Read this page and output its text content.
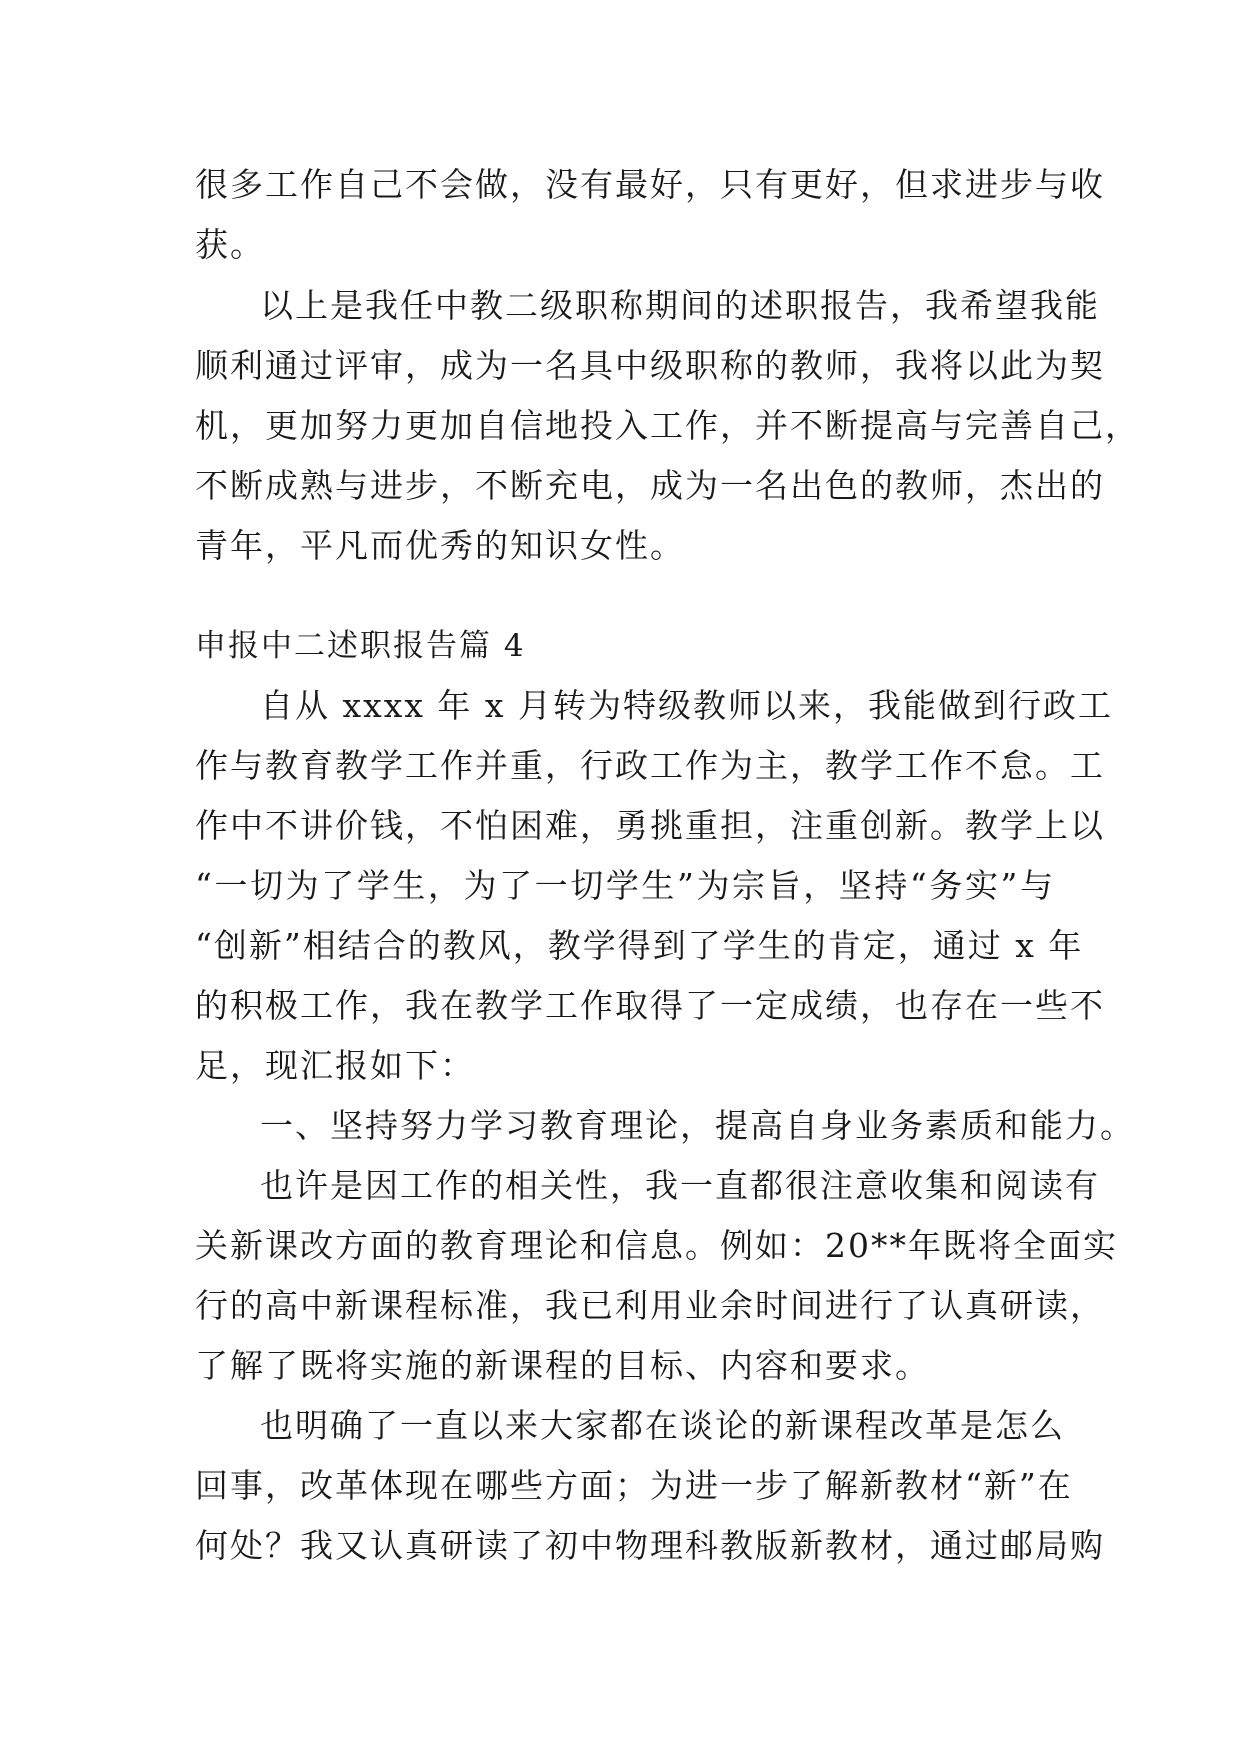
很多工作自己不会做，没有最好，只有更好，但求进步与收
获。
以上是我任中教二级职称期间的述职报告，我希望我能
顺利通过评审，成为一名具中级职称的教师，我将以此为契
机，更加努力更加自信地投入工作，并不断提高与完善自己，
不断成熟与进步，不断充电，成为一名出色的教师，杰出的
青年，平凡而优秀的知识女性。
申报中二述职报告篇 4
自从 xxxx 年 x 月转为特级教师以来，我能做到行政工
作与教育教学工作并重，行政工作为主，教学工作不怠。工
作中不讲价钱，不怕困难，勇挑重担，注重创新。教学上以
“一切为了学生，为了一切学生”为宗旨，坚持“务实”与
“创新”相结合的教风，教学得到了学生的肯定，通过 x 年
的积极工作，我在教学工作取得了一定成绩，也存在一些不
足，现汇报如下：
一、坚持努力学习教育理论，提高自身业务素质和能力。
也许是因工作的相关性，我一直都很注意收集和阅读有
关新课改方面的教育理论和信息。例如：20**年既将全面实
行的高中新课程标准，我已利用业余时间进行了认真研读，
了解了既将实施的新课程的目标、内容和要求。
也明确了一直以来大家都在谈论的新课程改革是怎么
回事，改革体现在哪些方面；为进一步了解新教材“新”在
何处？我又认真研读了初中物理科教版新教材，通过邮局购
